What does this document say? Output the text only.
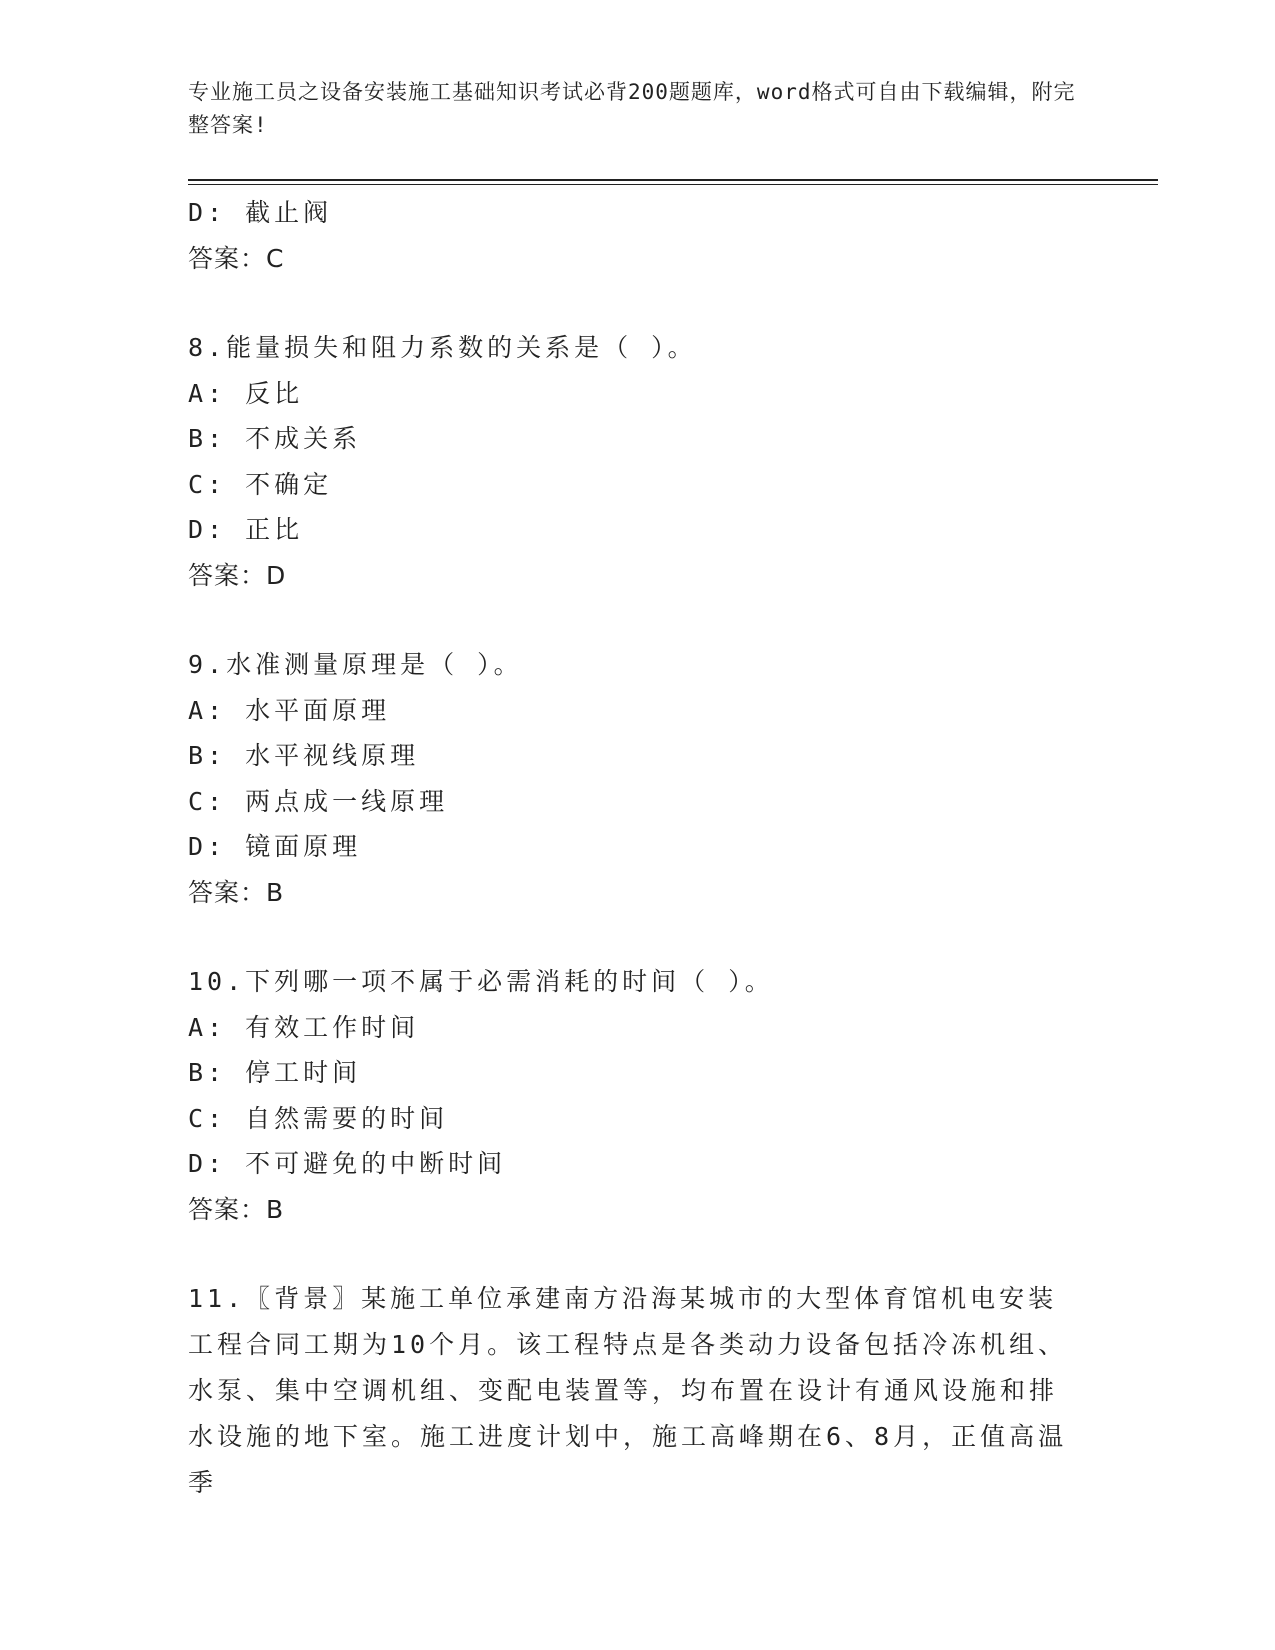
专业施工员之设备安装施工基础知识考试必背200题题库，word格式可自由下载编辑，附完整答案!
D: 截止阀
答案：C
8.能量损失和阻力系数的关系是（ ）。
A: 反比
B: 不成关系
C: 不确定
D: 正比
答案：D
9.水准测量原理是（ ）。
A: 水平面原理
B: 水平视线原理
C: 两点成一线原理
D: 镜面原理
答案：B
10.下列哪一项不属于必需消耗的时间（ ）。
A: 有效工作时间
B: 停工时间
C: 自然需要的时间
D: 不可避免的中断时间
答案：B
11.〖背景〗某施工单位承建南方沿海某城市的大型体育馆机电安装工程合同工期为10个月。该工程特点是各类动力设备包括冷冻机组、水泵、集中空调机组、变配电装置等，均布置在设计有通风设施和排水设施的地下室。施工进度计划中，施工高峰期在6、8月，正值高温季
